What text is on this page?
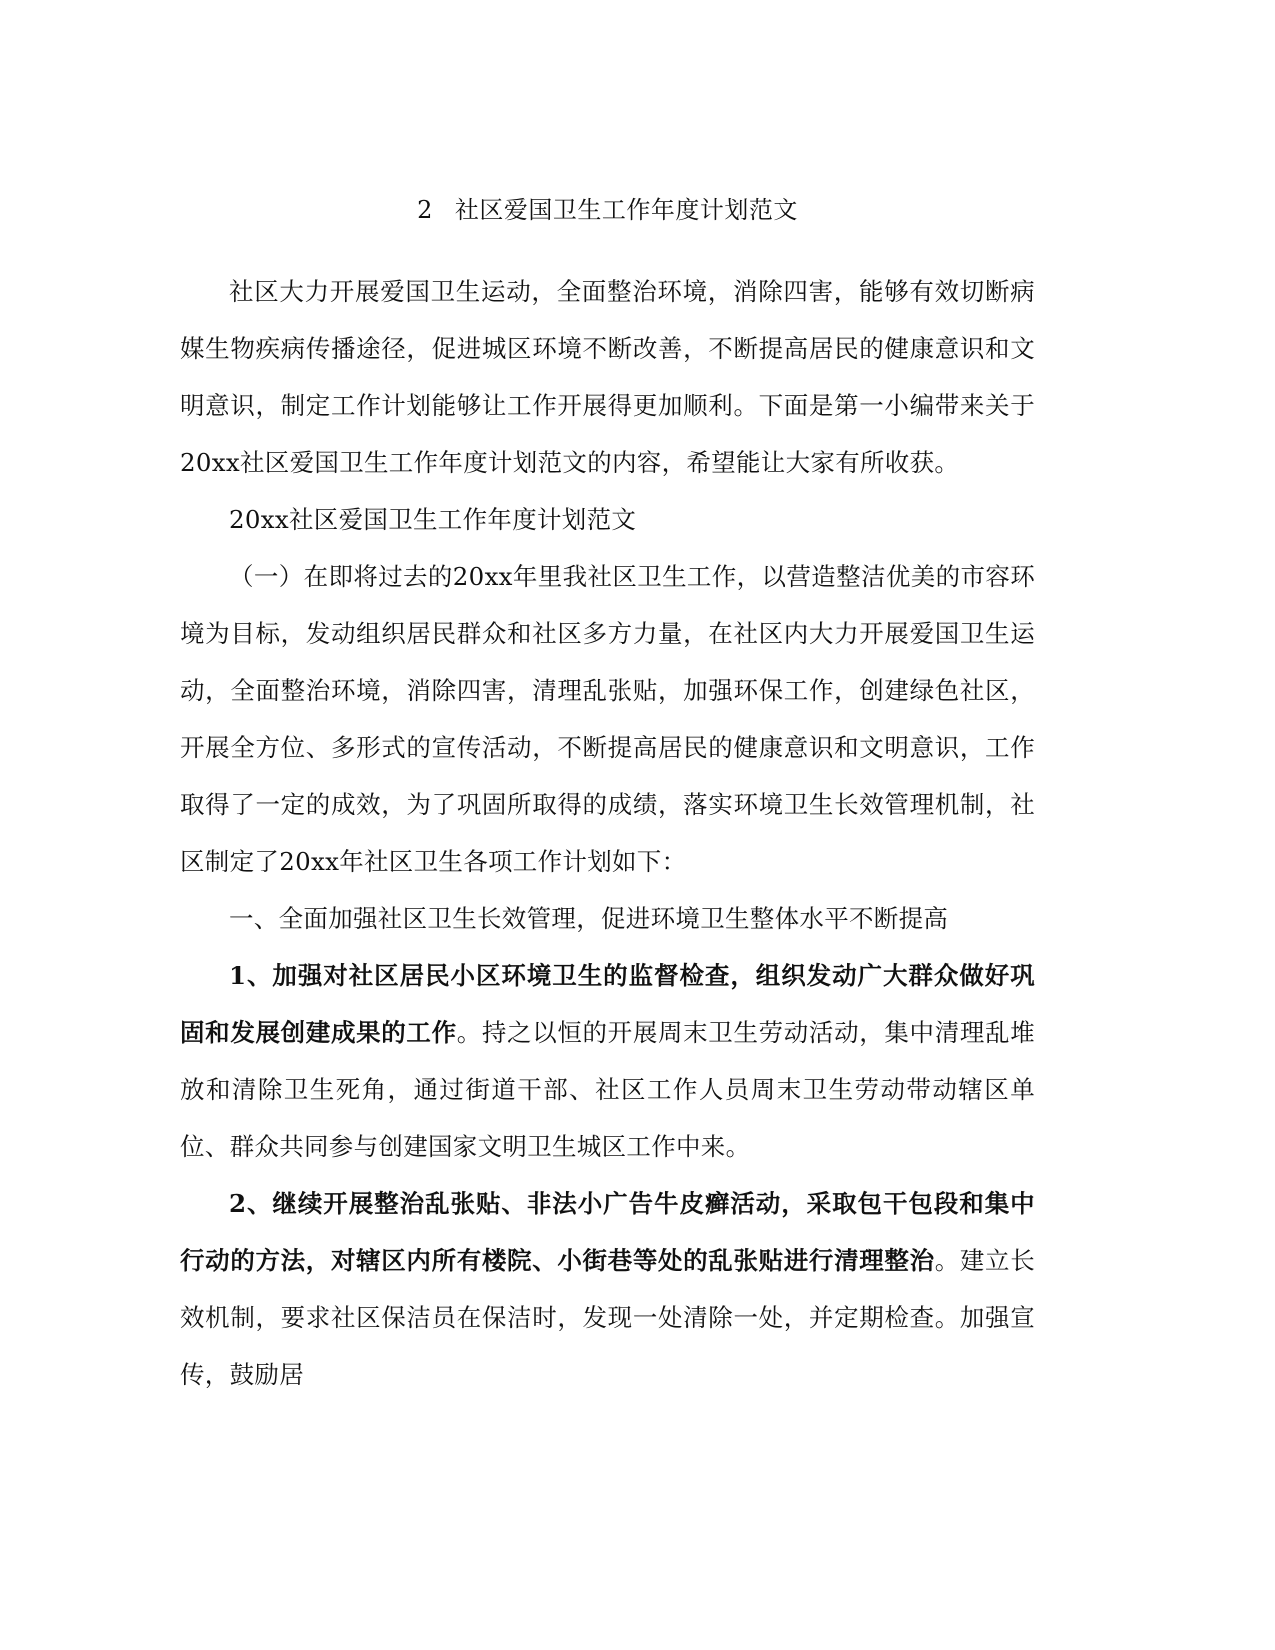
2 社区爱国卫生工作年度计划范文

社区大力开展爱国卫生运动，全面整治环境，消除四害，能够有效切断病媒生物疾病传播途径，促进城区环境不断改善，不断提高居民的健康意识和文明意识，制定工作计划能够让工作开展得更加顺利。下面是第一小编带来关于20xx社区爱国卫生工作年度计划范文的内容，希望能让大家有所收获。

20xx社区爱国卫生工作年度计划范文

（一）在即将过去的20xx年里我社区卫生工作，以营造整洁优美的市容环境为目标，发动组织居民群众和社区多方力量，在社区内大力开展爱国卫生运动，全面整治环境，消除四害，清理乱张贴，加强环保工作，创建绿色社区，开展全方位、多形式的宣传活动，不断提高居民的健康意识和文明意识，工作取得了一定的成效，为了巩固所取得的成绩，落实环境卫生长效管理机制，社区制定了20xx年社区卫生各项工作计划如下：

一、全面加强社区卫生长效管理，促进环境卫生整体水平不断提高

1、加强对社区居民小区环境卫生的监督检查，组织发动广大群众做好巩固和发展创建成果的工作。持之以恒的开展周末卫生劳动活动，集中清理乱堆放和清除卫生死角，通过街道干部、社区工作人员周末卫生劳动带动辖区单位、群众共同参与创建国家文明卫生城区工作中来。

2、继续开展整治乱张贴、非法小广告牛皮癣活动，采取包干包段和集中行动的方法，对辖区内所有楼院、小街巷等处的乱张贴进行清理整治。建立长效机制，要求社区保洁员在保洁时，发现一处清除一处，并定期检查。加强宣传，鼓励居
